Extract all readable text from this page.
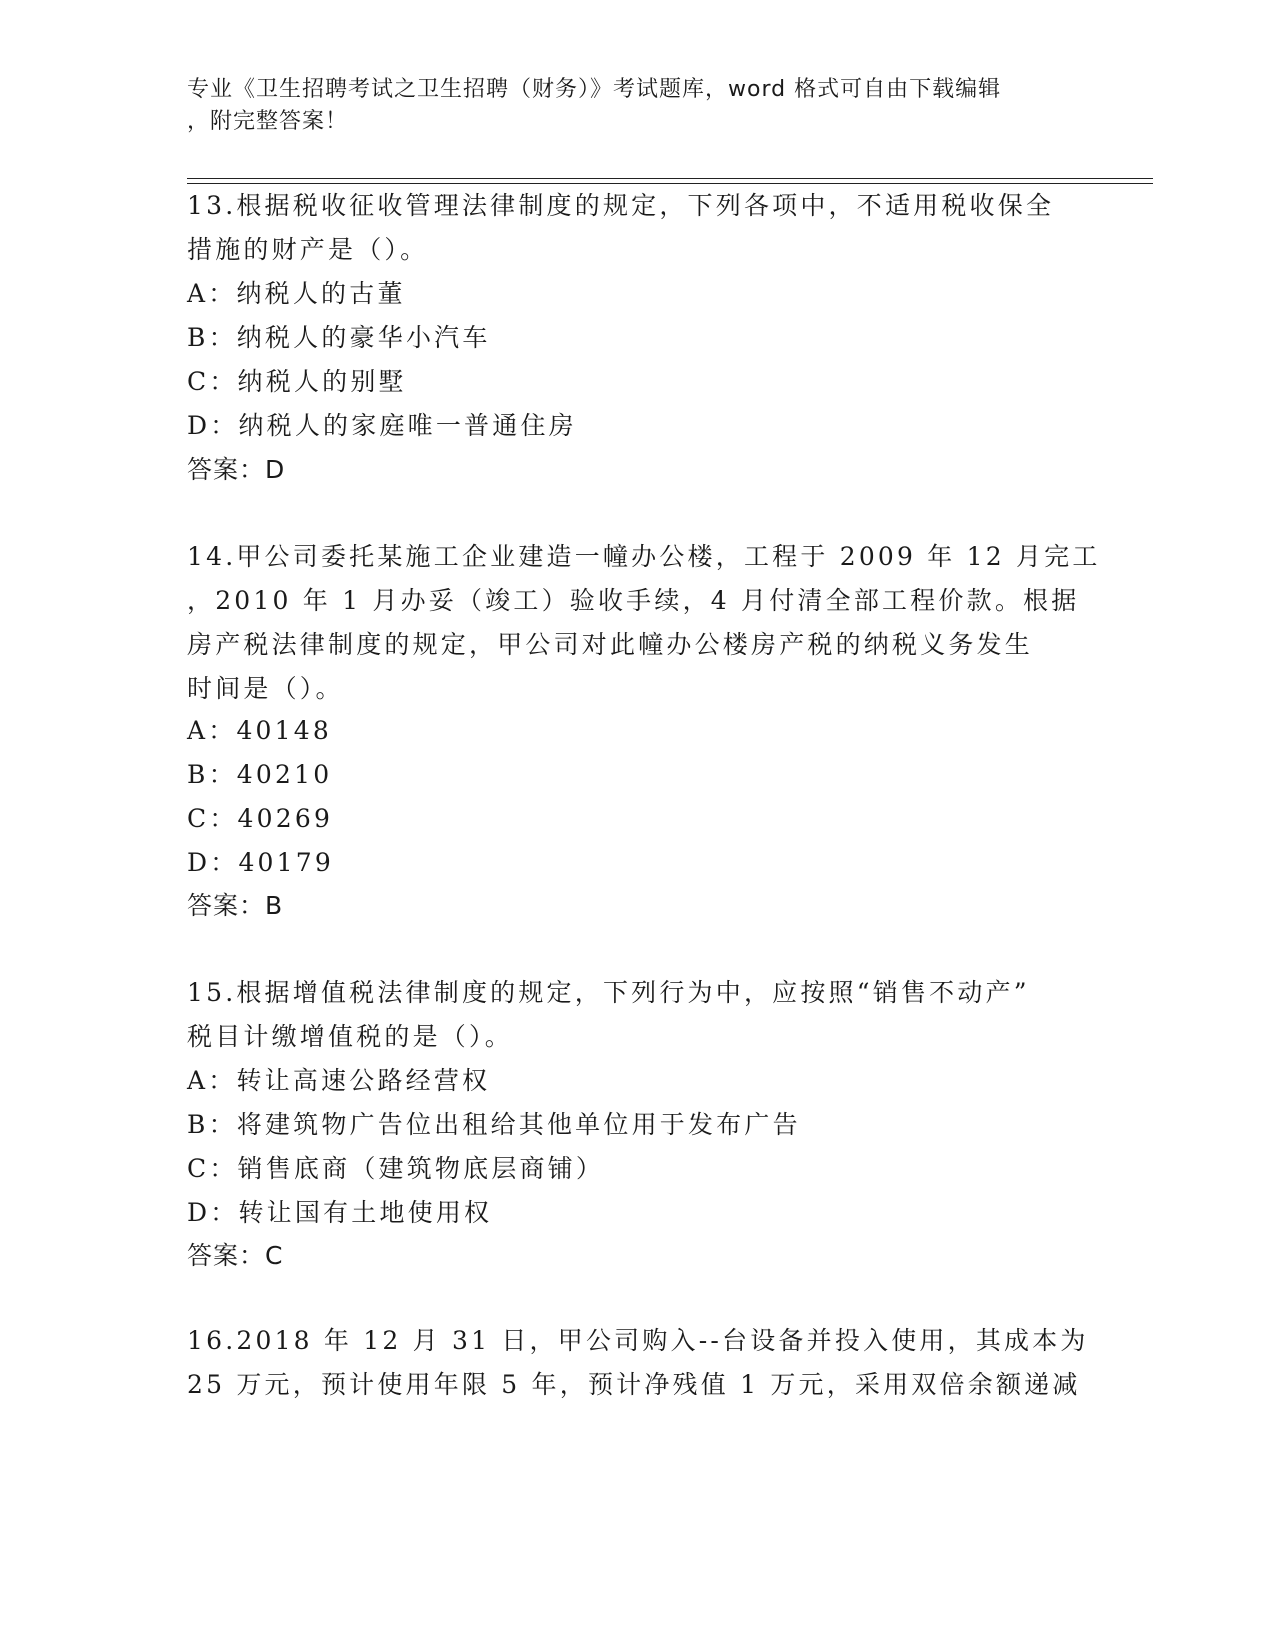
专业《卫生招聘考试之卫生招聘（财务）》考试题库，word 格式可自由下载编辑
，附完整答案！
13.根据税收征收管理法律制度的规定，下列各项中，不适用税收保全
措施的财产是（）。
A：纳税人的古董
B：纳税人的豪华小汽车
C：纳税人的别墅
D：纳税人的家庭唯一普通住房
答案：D
14.甲公司委托某施工企业建造一幢办公楼，工程于 2009 年 12 月完工
，2010 年 1 月办妥（竣工）验收手续，4 月付清全部工程价款。根据
房产税法律制度的规定，甲公司对此幢办公楼房产税的纳税义务发生
时间是（）。
A：40148
B：40210
C：40269
D：40179
答案：B
15.根据增值税法律制度的规定，下列行为中，应按照“销售不动产”
税目计缴增值税的是（）。
A：转让高速公路经营权
B：将建筑物广告位出租给其他单位用于发布广告
C：销售底商（建筑物底层商铺）
D：转让国有土地使用权
答案：C
16.2018 年 12 月 31 日，甲公司购入--台设备并投入使用，其成本为
25 万元，预计使用年限 5 年，预计净残值 1 万元，采用双倍余额递减
